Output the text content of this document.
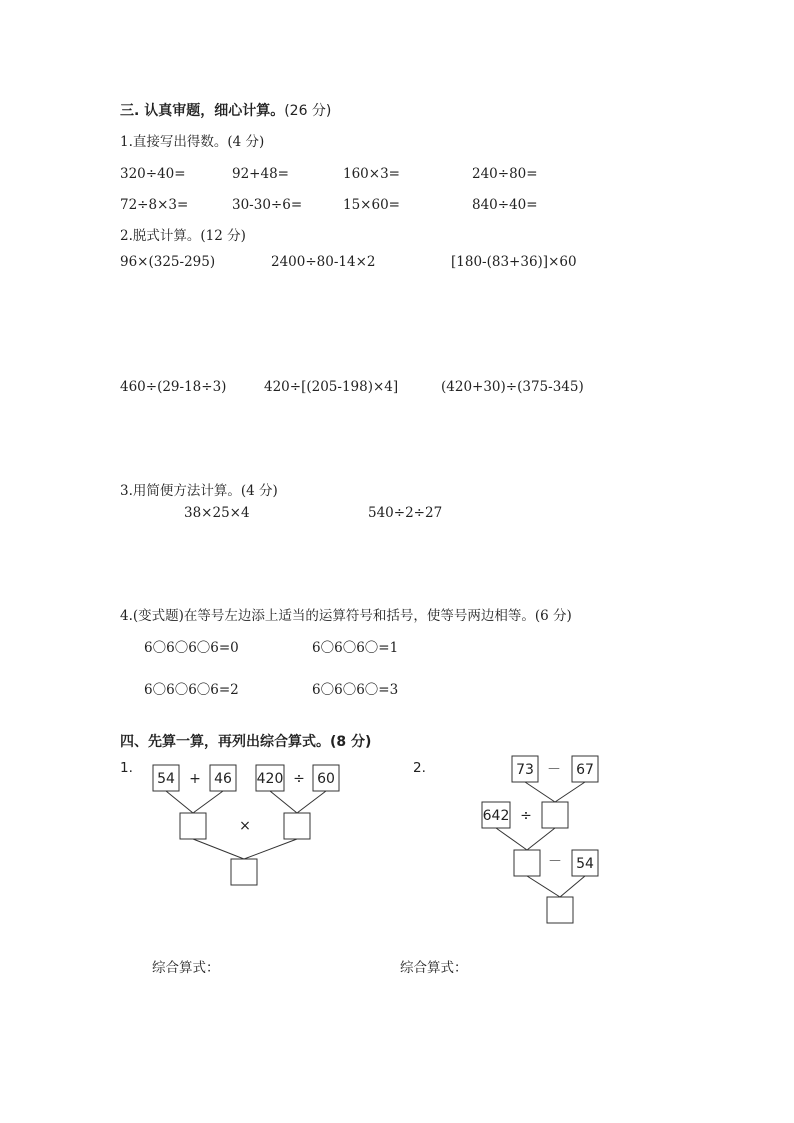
三. 认真审题，细心计算。(26 分)
1.直接写出得数。(4 分)
320÷40=	92+48=	160×3=	240÷80=
72÷8×3=	30-30÷6=	15×60=	840÷40=
2.脱式计算。(12 分)
96×(325-295)	2400÷80-14×2	[180-(83+36)]×60
460÷(29-18÷3)	420÷[(205-198)×4]	(420+30)÷(375-345)
3.用简便方法计算。(4 分)
38×25×4	540÷2÷27
4.(变式题)在等号左边添上适当的运算符号和括号，使等号两边相等。(6 分)
6〇6〇6〇6=0	6〇6〇6〇=1
6〇6〇6〇6=2	6〇6〇6〇=3
四、先算一算，再列出综合算式。(8 分)
1.	2.
54 + 46 420 ÷ 60
×
73 － 67
642 ÷
－ 54
综合算式：	综合算式：
